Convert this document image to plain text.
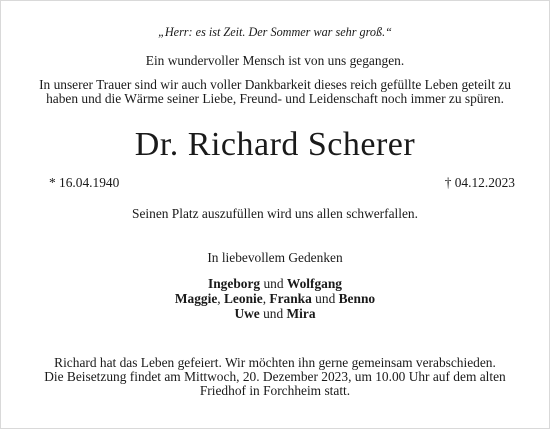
„Herr: es ist Zeit. Der Sommer war sehr groß.“
Ein wundervoller Mensch ist von uns gegangen.
In unserer Trauer sind wir auch voller Dankbarkeit dieses reich gefüllte Leben geteilt zu
haben und die Wärme seiner Liebe, Freund- und Leidenschaft noch immer zu spüren.
Dr. Richard Scherer
* 16.04.1940	† 04.12.2023
Seinen Platz auszufüllen wird uns allen schwerfallen.
In liebevollem Gedenken
Ingeborg und Wolfgang
Maggie, Leonie, Franka und Benno
Uwe und Mira
Richard hat das Leben gefeiert. Wir möchten ihn gerne gemeinsam verabschieden.
Die Beisetzung findet am Mittwoch, 20. Dezember 2023, um 10.00 Uhr auf dem alten
Friedhof in Forchheim statt.
